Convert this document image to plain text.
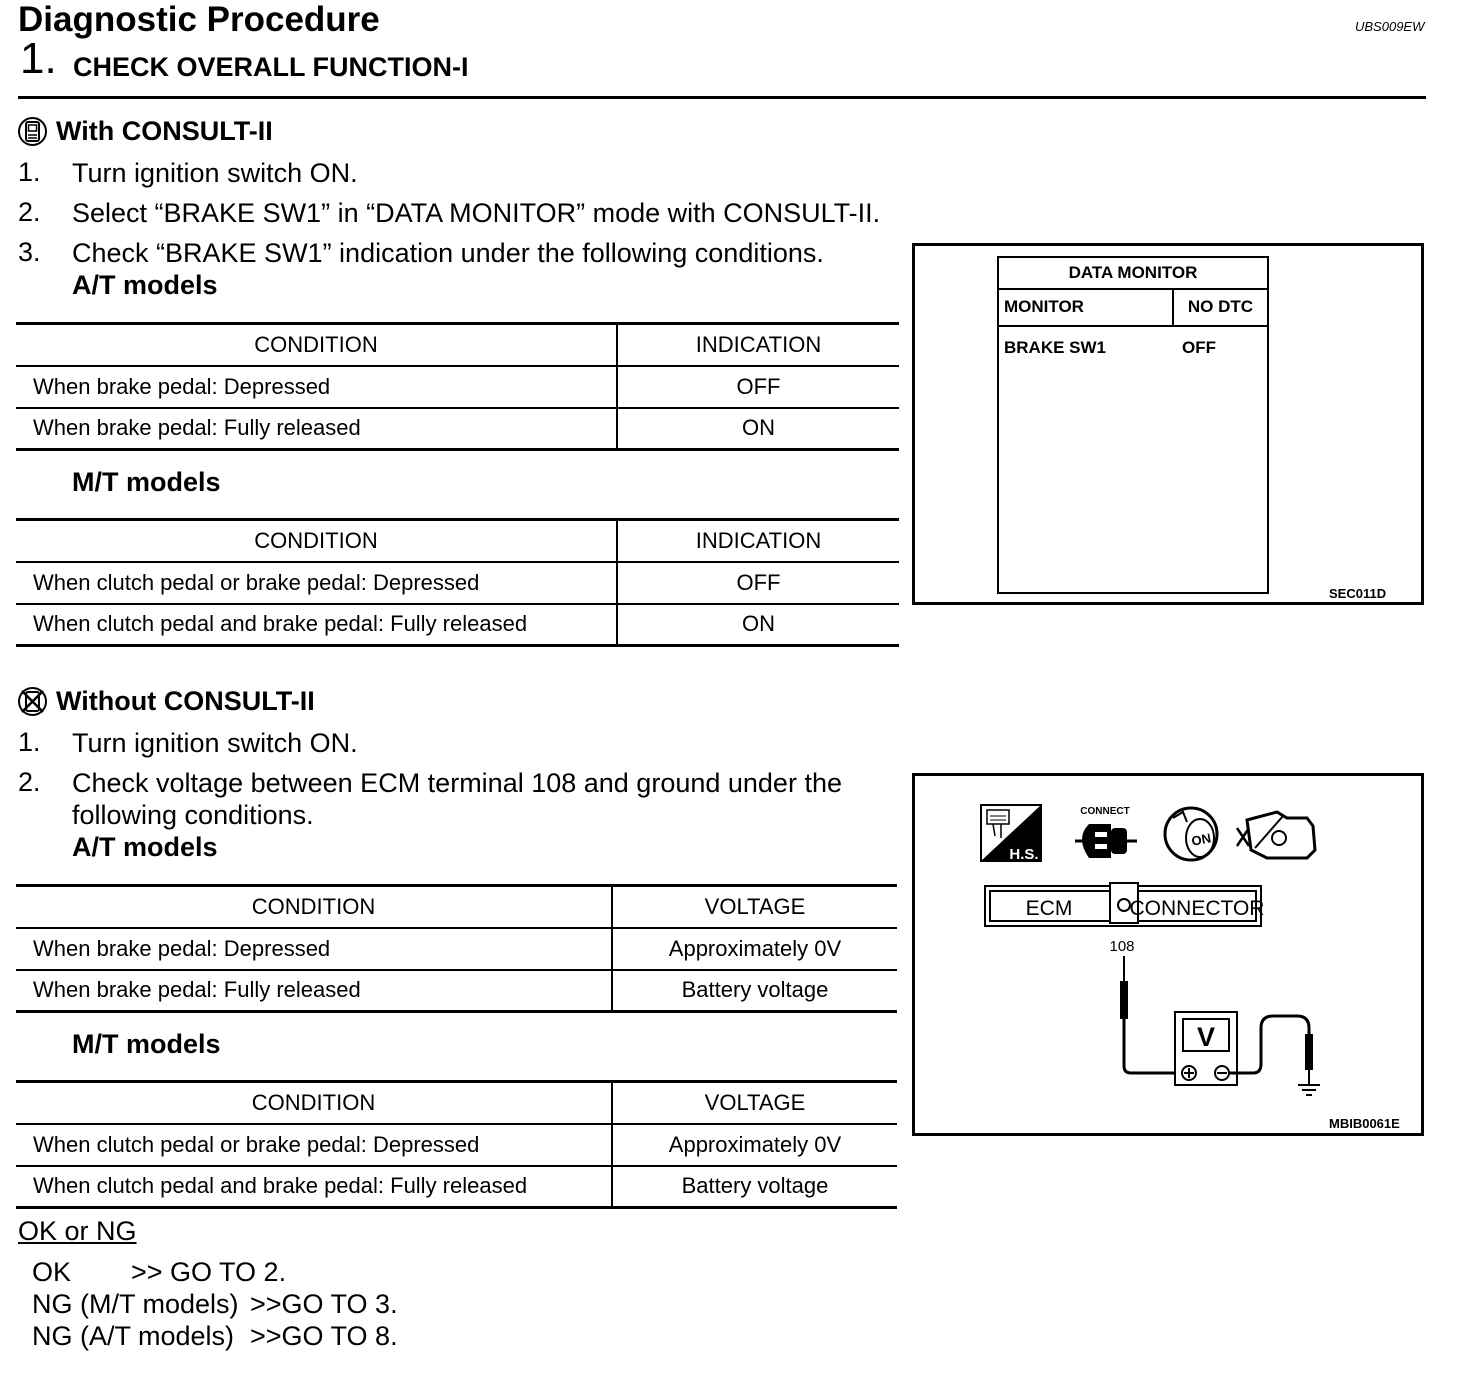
Diagnostic Procedure	UBS009EW
1. CHECK OVERALL FUNCTION-I
With CONSULT-II
1. Turn ignition switch ON.
2. Select “BRAKE SW1” in “DATA MONITOR” mode with CONSULT-II.
3. Check “BRAKE SW1” indication under the following conditions.
A/T models
CONDITION	INDICATION
When brake pedal: Depressed	OFF
When brake pedal: Fully released	ON
M/T models
CONDITION	INDICATION
When clutch pedal or brake pedal: Depressed	OFF
When clutch pedal and brake pedal: Fully released	ON
DATA MONITOR
MONITOR	NO DTC
BRAKE SW1	OFF
SEC011D
Without CONSULT-II
1. Turn ignition switch ON.
2. Check voltage between ECM terminal 108 and ground under the
following conditions.
A/T models
CONDITION	VOLTAGE
When brake pedal: Depressed	Approximately 0V
When brake pedal: Fully released	Battery voltage
M/T models
CONDITION	VOLTAGE
When clutch pedal or brake pedal: Depressed	Approximately 0V
When clutch pedal and brake pedal: Fully released	Battery voltage
H.S.
CONNECT
ON
ECM	CONNECTOR
108
V
MBIB0061E
OK or NG
OK >> GO TO 2.
NG (M/T models) >>GO TO 3.
NG (A/T models) >>GO TO 8.
